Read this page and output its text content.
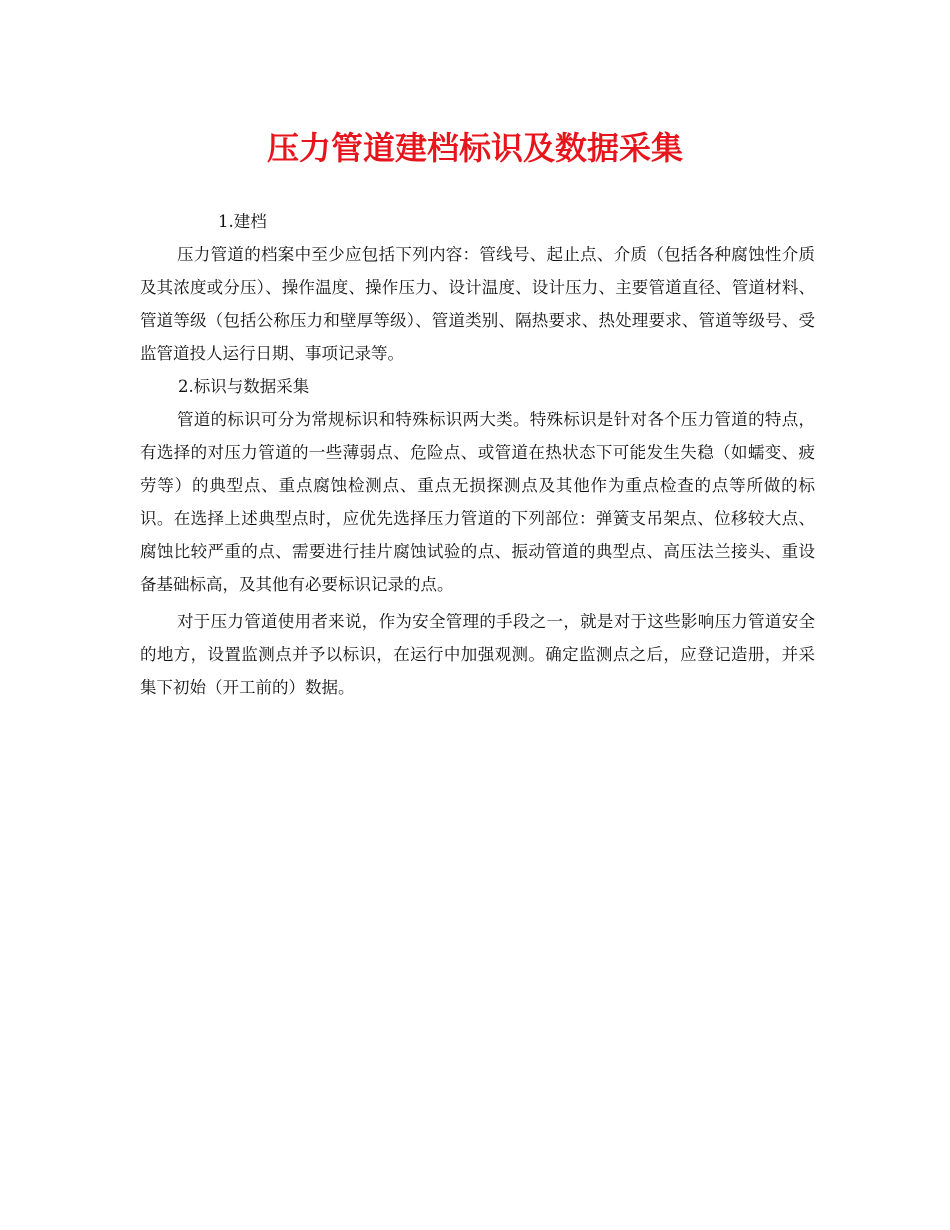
压力管道建档标识及数据采集

1.建档

压力管道的档案中至少应包括下列内容：管线号、起止点、介质（包括各种腐蚀性介质及其浓度或分压）、操作温度、操作压力、设计温度、设计压力、主要管道直径、管道材料、管道等级（包括公称压力和壁厚等级）、管道类别、隔热要求、热处理要求、管道等级号、受监管道投人运行日期、事项记录等。

2.标识与数据采集

管道的标识可分为常规标识和特殊标识两大类。特殊标识是针对各个压力管道的特点，有选择的对压力管道的一些薄弱点、危险点、或管道在热状态下可能发生失稳（如蠕变、疲劳等）的典型点、重点腐蚀检测点、重点无损探测点及其他作为重点检查的点等所做的标识。在选择上述典型点时，应优先选择压力管道的下列部位：弹簧支吊架点、位移较大点、腐蚀比较严重的点、需要进行挂片腐蚀试验的点、振动管道的典型点、高压法兰接头、重设备基础标高，及其他有必要标识记录的点。

对于压力管道使用者来说，作为安全管理的手段之一，就是对于这些影响压力管道安全的地方，设置监测点并予以标识，在运行中加强观测。确定监测点之后，应登记造册，并采集下初始（开工前的）数据。
